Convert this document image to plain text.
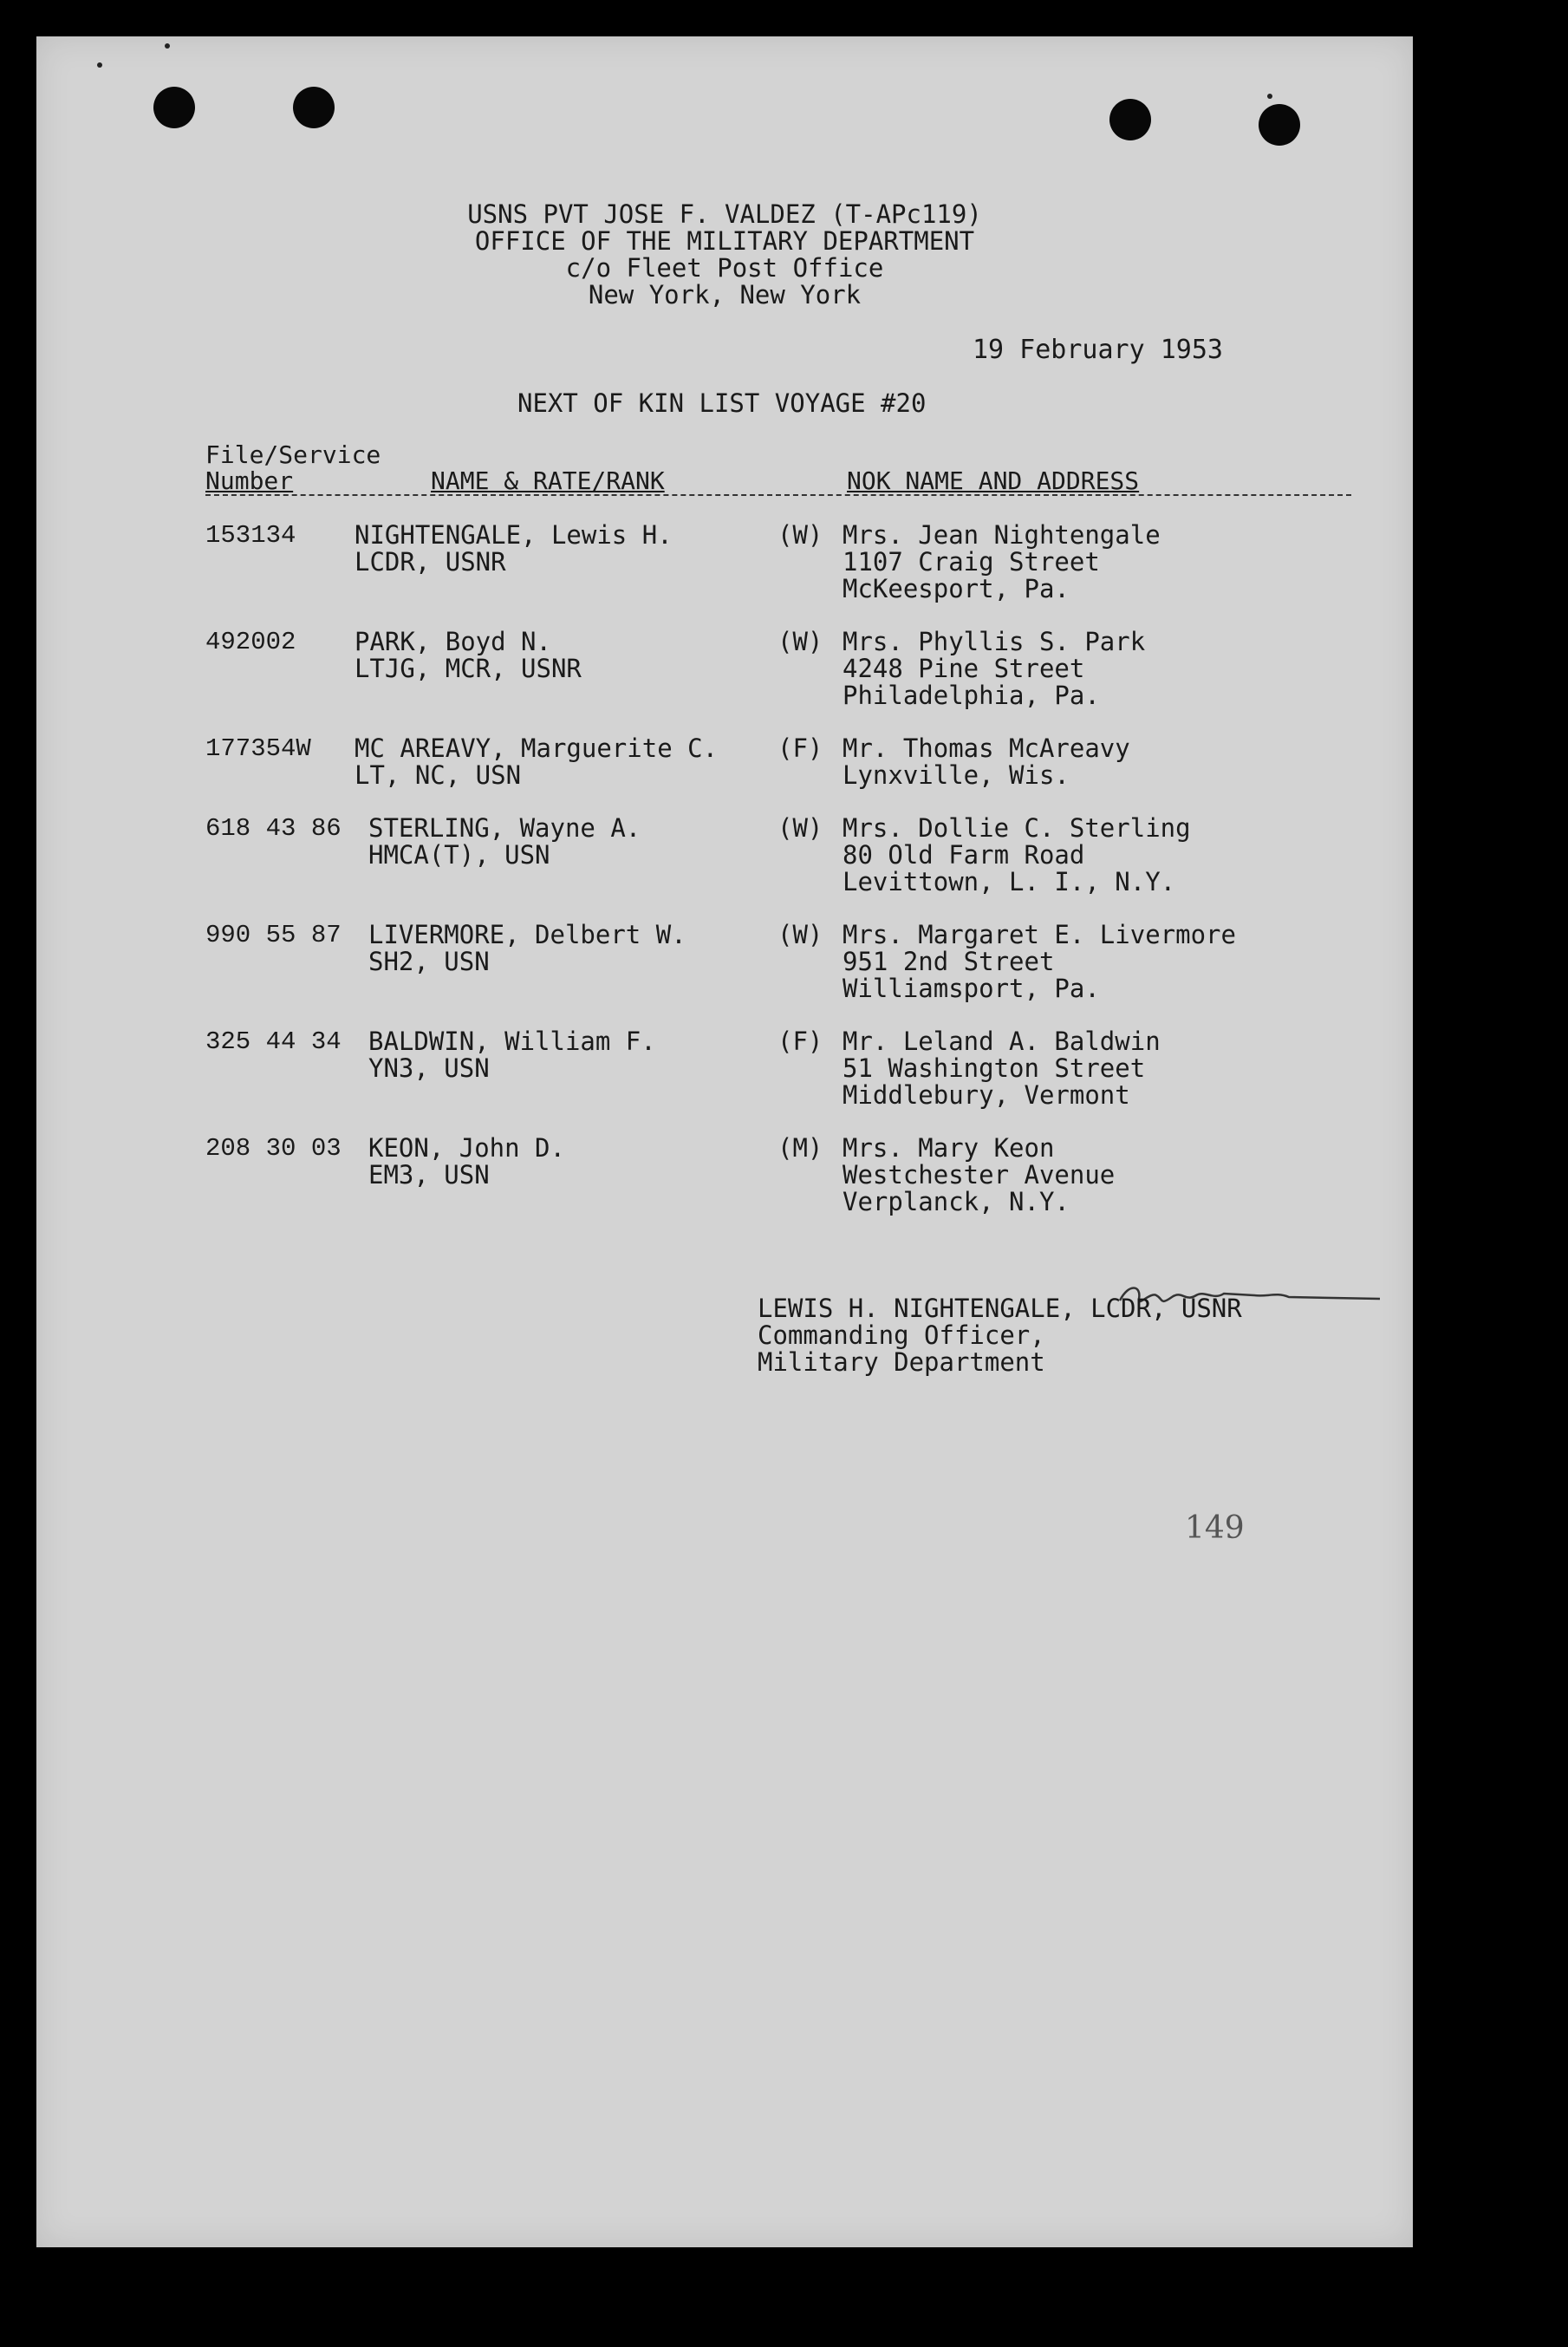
USNS PVT JOSE F. VALDEZ (T-APc119)
OFFICE OF THE MILITARY DEPARTMENT
c/o Fleet Post Office
New York, New York
19 February 1953
NEXT OF KIN LIST VOYAGE #20
File/Service
Number	NAME & RATE/RANK	NOK NAME AND ADDRESS
153134 NIGHTENGALE, Lewis H.
LCDR, USNR
(W) Mrs. Jean Nightengale
1107 Craig Street
McKeesport, Pa.
492002 PARK, Boyd N.
LTJG, MCR, USNR
(W) Mrs. Phyllis S. Park
4248 Pine Street
Philadelphia, Pa.
177354W MC AREAVY, Marguerite C.
LT, NC, USN
(F) Mr. Thomas McAreavy
Lynxville, Wis.
618 43 86 STERLING, Wayne A.
HMCA(T), USN
(W) Mrs. Dollie C. Sterling
80 Old Farm Road
Levittown, L. I., N.Y.
990 55 87 LIVERMORE, Delbert W.
SH2, USN
(W) Mrs. Margaret E. Livermore
951 2nd Street
Williamsport, Pa.
325 44 34 BALDWIN, William F.
YN3, USN
(F) Mr. Leland A. Baldwin
51 Washington Street
Middlebury, Vermont
208 30 03 KEON, John D.
EM3, USN
(M) Mrs. Mary Keon
Westchester Avenue
Verplanck, N.Y.
LEWIS H. NIGHTENGALE, LCDR, USNR
Commanding Officer,
Military Department
149
